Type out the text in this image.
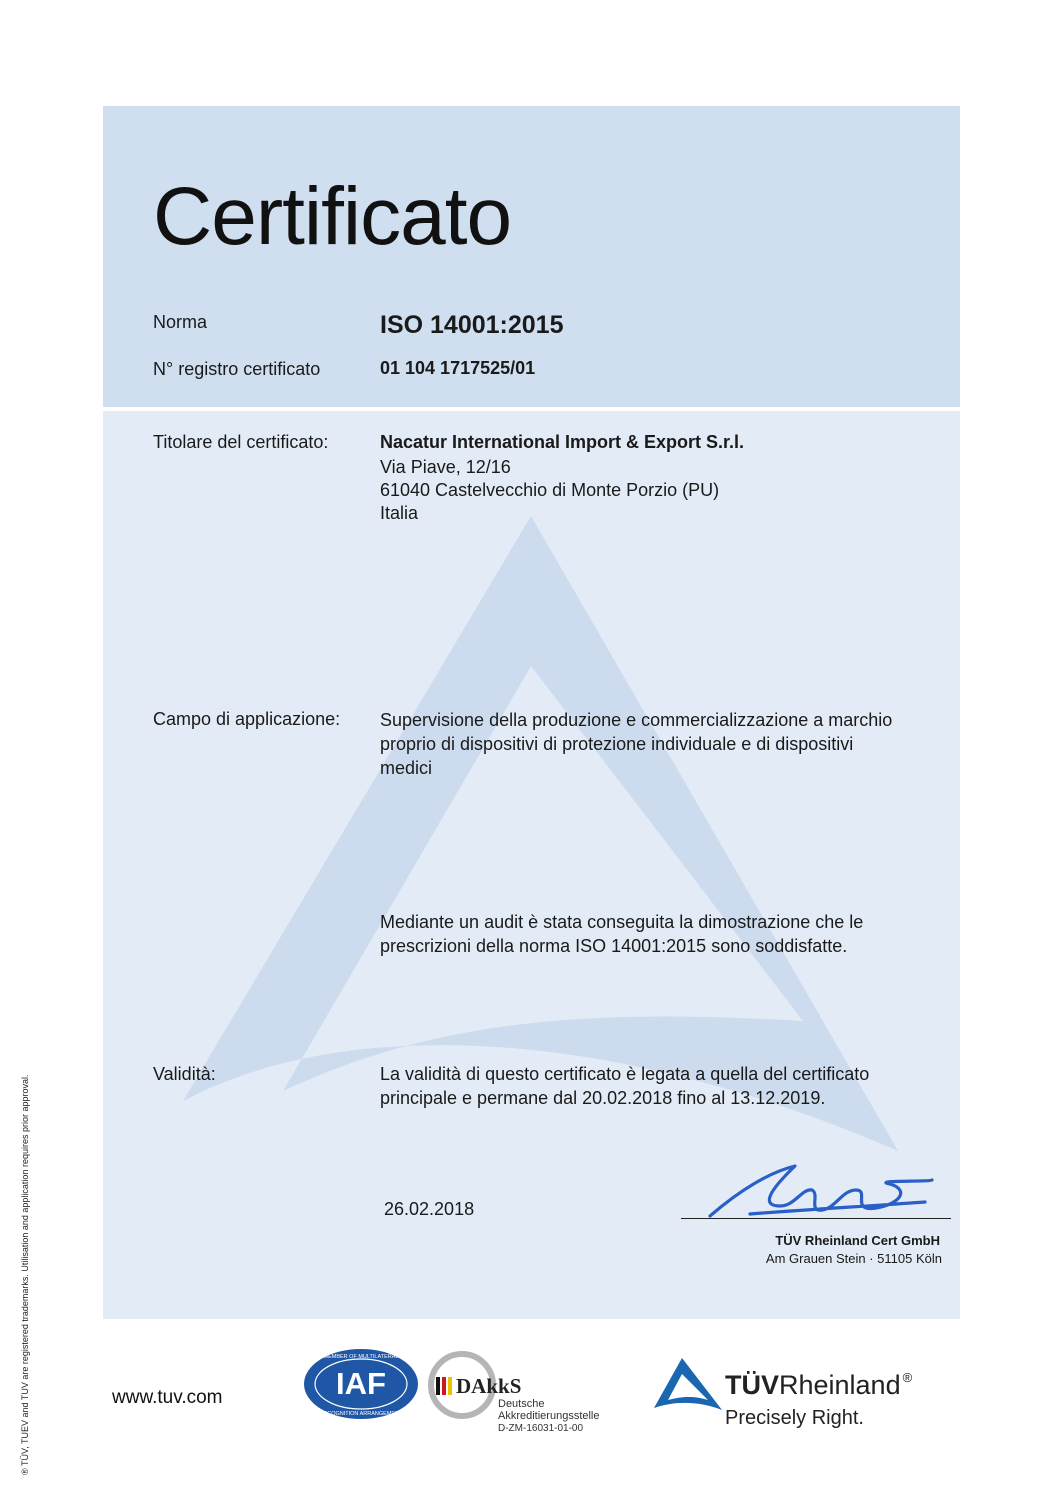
Certificato
Norma	ISO 14001:2015
N° registro certificato	01 104 1717525/01
Titolare del certificato:	Nacatur International Import & Export S.r.l.
Via Piave, 12/16
61040 Castelvecchio di Monte Porzio (PU)
Italia
Campo di applicazione: Supervisione della produzione e commercializzazione a marchio
proprio di dispositivi di protezione individuale e di dispositivi
medici
Mediante un audit è stata conseguita la dimostrazione che le
prescrizioni della norma ISO 14001:2015 sono soddisfatte.
Validità:	La validità di questo certificato è legata a quella del certificato
principale e permane dal 20.02.2018 fino al 13.12.2019.
26.02.2018
TÜV Rheinland Cert GmbH
Am Grauen Stein · 51105 Köln
® TÜV, TUEV and TUV are registered trademarks. Utilisation and application requires prior approval.	www.tuv.com	IAF
MEMBER OF MULTILATERAL
RECOGNITION ARRANGEMENT
DAkkS
Deutsche
Akkreditierungsstelle
D-ZM-16031-01-00
TÜVRheinland ®
Precisely Right.
